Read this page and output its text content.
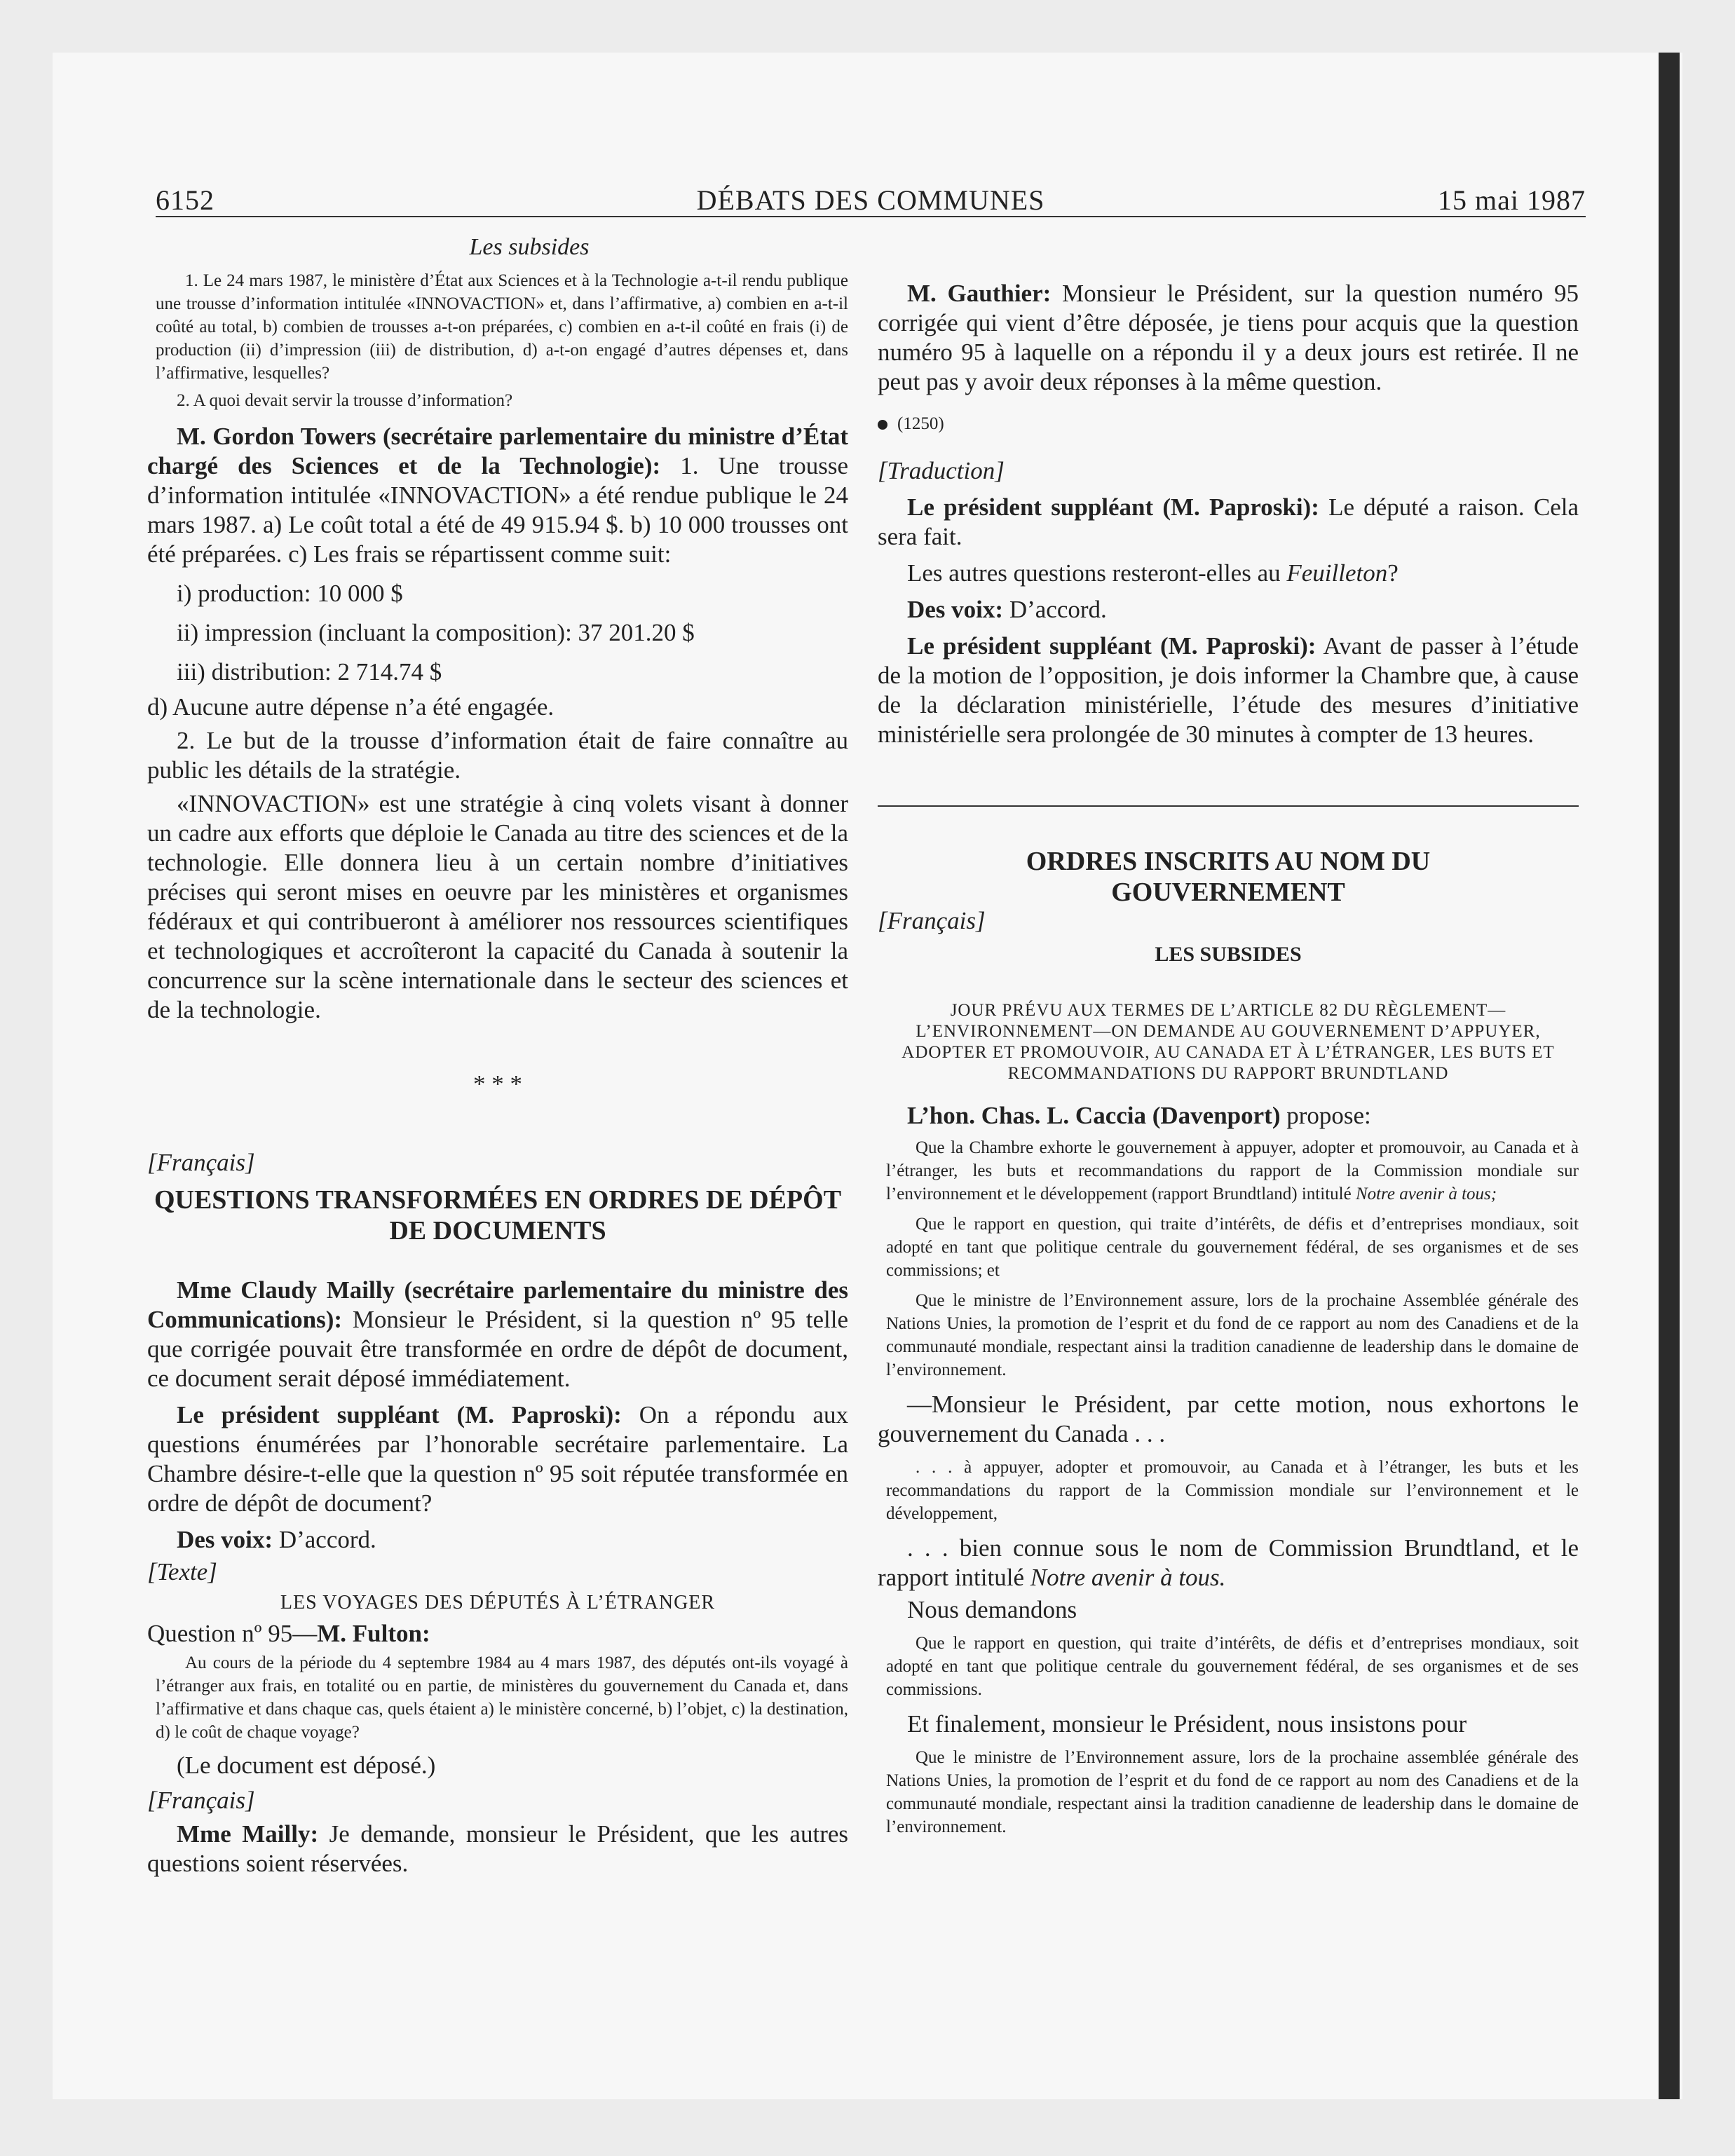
6152	DÉBATS DES COMMUNES	15 mai 1987

Les subsides

1. Le 24 mars 1987, le ministère d’État aux Sciences et à la Technologie a-t-il rendu publique une trousse d’information intitulée «INNOVACTION» et, dans l’affirmative, a) combien en a-t-il coûté au total, b) combien de trousses a-t-on préparées, c) combien en a-t-il coûté en frais (i) de production (ii) d’impression (iii) de distribution, d) a-t-on engagé d’autres dépenses et, dans l’affirmative, lesquelles?

2. A quoi devait servir la trousse d’information?

M. Gordon Towers (secrétaire parlementaire du ministre d’État chargé des Sciences et de la Technologie): 1. Une trousse d’information intitulée «INNOVACTION» a été rendue publique le 24 mars 1987. a) Le coût total a été de 49 915.94 $. b) 10 000 trousses ont été préparées. c) Les frais se répartissent comme suit:

i) production: 10 000 $

ii) impression (incluant la composition): 37 201.20 $

iii) distribution: 2 714.74 $

d) Aucune autre dépense n’a été engagée.

2. Le but de la trousse d’information était de faire connaître au public les détails de la stratégie.

«INNOVACTION» est une stratégie à cinq volets visant à donner un cadre aux efforts que déploie le Canada au titre des sciences et de la technologie. Elle donnera lieu à un certain nombre d’initiatives précises qui seront mises en oeuvre par les ministères et organismes fédéraux et qui contribueront à améliorer nos ressources scientifiques et technologiques et accroîteront la capacité du Canada à soutenir la concurrence sur la scène internationale dans le secteur des sciences et de la technologie.

* * *

[Français]

QUESTIONS TRANSFORMÉES EN ORDRES DE DÉPÔT DE DOCUMENTS

Mme Claudy Mailly (secrétaire parlementaire du ministre des Communications): Monsieur le Président, si la question nº 95 telle que corrigée pouvait être transformée en ordre de dépôt de document, ce document serait déposé immédiatement.

Le président suppléant (M. Paproski): On a répondu aux questions énumérées par l’honorable secrétaire parlementaire. La Chambre désire-t-elle que la question nº 95 soit réputée transformée en ordre de dépôt de document?

Des voix: D’accord.

[Texte]

LES VOYAGES DES DÉPUTÉS À L’ÉTRANGER

Question nº 95—M. Fulton:

Au cours de la période du 4 septembre 1984 au 4 mars 1987, des députés ont-ils voyagé à l’étranger aux frais, en totalité ou en partie, de ministères du gouvernement du Canada et, dans l’affirmative et dans chaque cas, quels étaient a) le ministère concerné, b) l’objet, c) la destination, d) le coût de chaque voyage?

(Le document est déposé.)

[Français]

Mme Mailly: Je demande, monsieur le Président, que les autres questions soient réservées.

M. Gauthier: Monsieur le Président, sur la question numéro 95 corrigée qui vient d’être déposée, je tiens pour acquis que la question numéro 95 à laquelle on a répondu il y a deux jours est retirée. Il ne peut pas y avoir deux réponses à la même question.

(1250)

[Traduction]

Le président suppléant (M. Paproski): Le député a raison. Cela sera fait.

Les autres questions resteront-elles au Feuilleton?

Des voix: D’accord.

Le président suppléant (M. Paproski): Avant de passer à l’étude de la motion de l’opposition, je dois informer la Chambre que, à cause de la déclaration ministérielle, l’étude des mesures d’initiative ministérielle sera prolongée de 30 minutes à compter de 13 heures.

ORDRES INSCRITS AU NOM DU GOUVERNEMENT

[Français]

LES SUBSIDES

JOUR PRÉVU AUX TERMES DE L’ARTICLE 82 DU RÈGLEMENT—L’ENVIRONNEMENT—ON DEMANDE AU GOUVERNEMENT D’APPUYER, ADOPTER ET PROMOUVOIR, AU CANADA ET À L’ÉTRANGER, LES BUTS ET RECOMMANDATIONS DU RAPPORT BRUNDTLAND

L’hon. Chas. L. Caccia (Davenport) propose:

Que la Chambre exhorte le gouvernement à appuyer, adopter et promouvoir, au Canada et à l’étranger, les buts et recommandations du rapport de la Commission mondiale sur l’environnement et le développement (rapport Brundtland) intitulé Notre avenir à tous;

Que le rapport en question, qui traite d’intérêts, de défis et d’entreprises mondiaux, soit adopté en tant que politique centrale du gouvernement fédéral, de ses organismes et de ses commissions; et

Que le ministre de l’Environnement assure, lors de la prochaine Assemblée générale des Nations Unies, la promotion de l’esprit et du fond de ce rapport au nom des Canadiens et de la communauté mondiale, respectant ainsi la tradition canadienne de leadership dans le domaine de l’environnement.

—Monsieur le Président, par cette motion, nous exhortons le gouvernement du Canada . . .

. . . à appuyer, adopter et promouvoir, au Canada et à l’étranger, les buts et les recommandations du rapport de la Commission mondiale sur l’environnement et le développement,

. . . bien connue sous le nom de Commission Brundtland, et le rapport intitulé Notre avenir à tous.

Nous demandons

Que le rapport en question, qui traite d’intérêts, de défis et d’entreprises mondiaux, soit adopté en tant que politique centrale du gouvernement fédéral, de ses organismes et de ses commissions.

Et finalement, monsieur le Président, nous insistons pour

Que le ministre de l’Environnement assure, lors de la prochaine assemblée générale des Nations Unies, la promotion de l’esprit et du fond de ce rapport au nom des Canadiens et de la communauté mondiale, respectant ainsi la tradition canadienne de leadership dans le domaine de l’environnement.
